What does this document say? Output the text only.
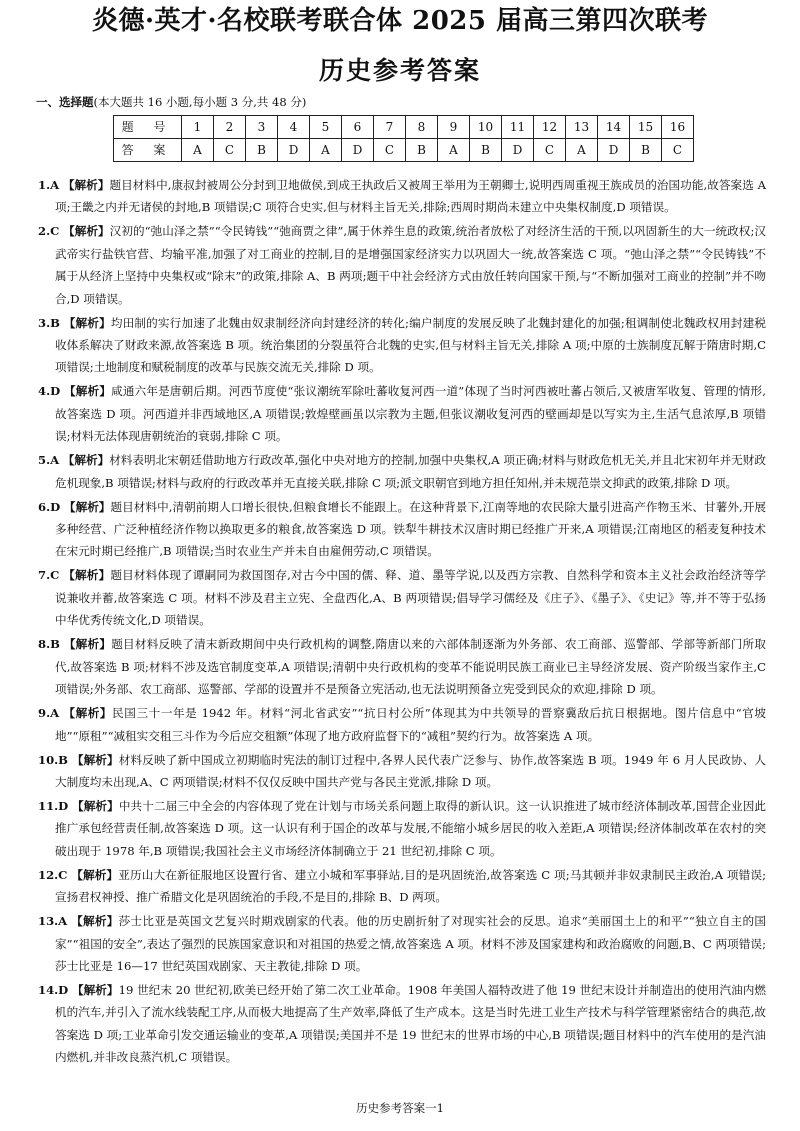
炎德·英才·名校联考联合体 2025 届高三第四次联考
历史参考答案
一、选择题(本大题共 16 小题,每小题 3 分,共 48 分)
题 号	1	2	3	4	5	6	7	8	9	10	11	12	13	14	15	16
答 案	A	C	B	D	A	D	C	B	A	B	D	C	A	D	B	C
1.A 【解析】题目材料中,康叔封被周公分封到卫地做侯,到成王执政后又被周王举用为王朝卿士,说明西周重视王族成员的治国功能,故答案选 A 项;王畿之内并无诸侯的封地,B 项错误;C 项符合史实,但与材料主旨无关,排除;西周时期尚未建立中央集权制度,D 项错误。
2.C 【解析】汉初的“弛山泽之禁”“令民铸钱”“弛商贾之律”,属于休养生息的政策,统治者放松了对经济生活的干预,以巩固新生的大一统政权;汉武帝实行盐铁官营、均输平准,加强了对工商业的控制,目的是增强国家经济实力以巩固大一统,故答案选 C 项。“弛山泽之禁”“令民铸钱”不属于从经济上坚持中央集权或“除末”的政策,排除 A、B 两项;题干中社会经济方式由放任转向国家干预,与“不断加强对工商业的控制”并不吻合,D 项错误。
3.B 【解析】均田制的实行加速了北魏由奴隶制经济向封建经济的转化;编户制度的发展反映了北魏封建化的加强;租调制使北魏政权用封建税收体系解决了财政来源,故答案选 B 项。统治集团的分裂虽符合北魏的史实,但与材料主旨无关,排除 A 项;中原的士族制度瓦解于隋唐时期,C 项错误;土地制度和赋税制度的改革与民族交流无关,排除 D 项。
4.D 【解析】咸通六年是唐朝后期。河西节度使“张议潮统军除吐蕃收复河西一道”体现了当时河西被吐蕃占领后,又被唐军收复、管理的情形,故答案选 D 项。河西道并非西域地区,A 项错误;敦煌壁画虽以宗教为主题,但张议潮收复河西的壁画却是以写实为主,生活气息浓厚,B 项错误;材料无法体现唐朝统治的衰弱,排除 C 项。
5.A 【解析】材料表明北宋朝廷借助地方行政改革,强化中央对地方的控制,加强中央集权,A 项正确;材料与财政危机无关,并且北宋初年并无财政危机现象,B 项错误;材料与政府的行政改革并无直接关联,排除 C 项;派文职朝官到地方担任知州,并未规范崇文抑武的政策,排除 D 项。
6.D 【解析】题目材料中,清朝前期人口增长很快,但粮食增长不能跟上。在这种背景下,江南等地的农民除大量引进高产作物玉米、甘薯外,开展多种经营、广泛种植经济作物以换取更多的粮食,故答案选 D 项。铁犁牛耕技术汉唐时期已经推广开来,A 项错误;江南地区的稻麦复种技术在宋元时期已经推广,B 项错误;当时农业生产并未自由雇佣劳动,C 项错误。
7.C 【解析】题目材料体现了谭嗣同为救国图存,对古今中国的儒、释、道、墨等学说,以及西方宗教、自然科学和资本主义社会政治经济等学说兼收并蓄,故答案选 C 项。材料不涉及君主立宪、全盘西化,A、B 两项错误;倡导学习儒经及《庄子》、《墨子》、《史记》等,并不等于弘扬中华优秀传统文化,D 项错误。
8.B 【解析】题目材料反映了清末新政期间中央行政机构的调整,隋唐以来的六部体制逐渐为外务部、农工商部、巡警部、学部等新部门所取代,故答案选 B 项;材料不涉及选官制度变革,A 项错误;清朝中央行政机构的变革不能说明民族工商业已主导经济发展、资产阶级当家作主,C 项错误;外务部、农工商部、巡警部、学部的设置并不是预备立宪活动,也无法说明预备立宪受到民众的欢迎,排除 D 项。
9.A 【解析】民国三十一年是 1942 年。材料“河北省武安”“抗日村公所”体现其为中共领导的晋察冀敌后抗日根据地。图片信息中“官坡地”“原租”“减租实交租三斗作为今后应交租额”体现了地方政府监督下的“减租”契约行为。故答案选 A 项。
10.B 【解析】材料反映了新中国成立初期临时宪法的制订过程中,各界人民代表广泛参与、协作,故答案选 B 项。1949 年 6 月人民政协、人大制度均未出现,A、C 两项错误;材料不仅仅反映中国共产党与各民主党派,排除 D 项。
11.D 【解析】中共十二届三中全会的内容体现了党在计划与市场关系问题上取得的新认识。这一认识推进了城市经济体制改革,国营企业因此推广承包经营责任制,故答案选 D 项。这一认识有利于国企的改革与发展,不能缩小城乡居民的收入差距,A 项错误;经济体制改革在农村的突破出现于 1978 年,B 项错误;我国社会主义市场经济体制确立于 21 世纪初,排除 C 项。
12.C 【解析】亚历山大在新征服地区设置行省、建立小城和军事驿站,目的是巩固统治,故答案选 C 项;马其顿并非奴隶制民主政治,A 项错误;宣扬君权神授、推广希腊文化是巩固统治的手段,不是目的,排除 B、D 两项。
13.A 【解析】莎士比亚是英国文艺复兴时期戏剧家的代表。他的历史剧折射了对现实社会的反思。追求“美丽国土上的和平”“独立自主的国家”“祖国的安全”,表达了强烈的民族国家意识和对祖国的热爱之情,故答案选 A 项。材料不涉及国家建构和政治腐败的问题,B、C 两项错误;莎士比亚是 16—17 世纪英国戏剧家、天主教徒,排除 D 项。
14.D 【解析】19 世纪末 20 世纪初,欧美已经开始了第二次工业革命。1908 年美国人福特改进了他 19 世纪末设计并制造出的使用汽油内燃机的汽车,并引入了流水线装配工序,从而极大地提高了生产效率,降低了生产成本。这是当时先进工业生产技术与科学管理紧密结合的典范,故答案选 D 项;工业革命引发交通运输业的变革,A 项错误;美国并不是 19 世纪末的世界市场的中心,B 项错误;题目材料中的汽车使用的是汽油内燃机,并非改良蒸汽机,C 项错误。
历史参考答案一1
